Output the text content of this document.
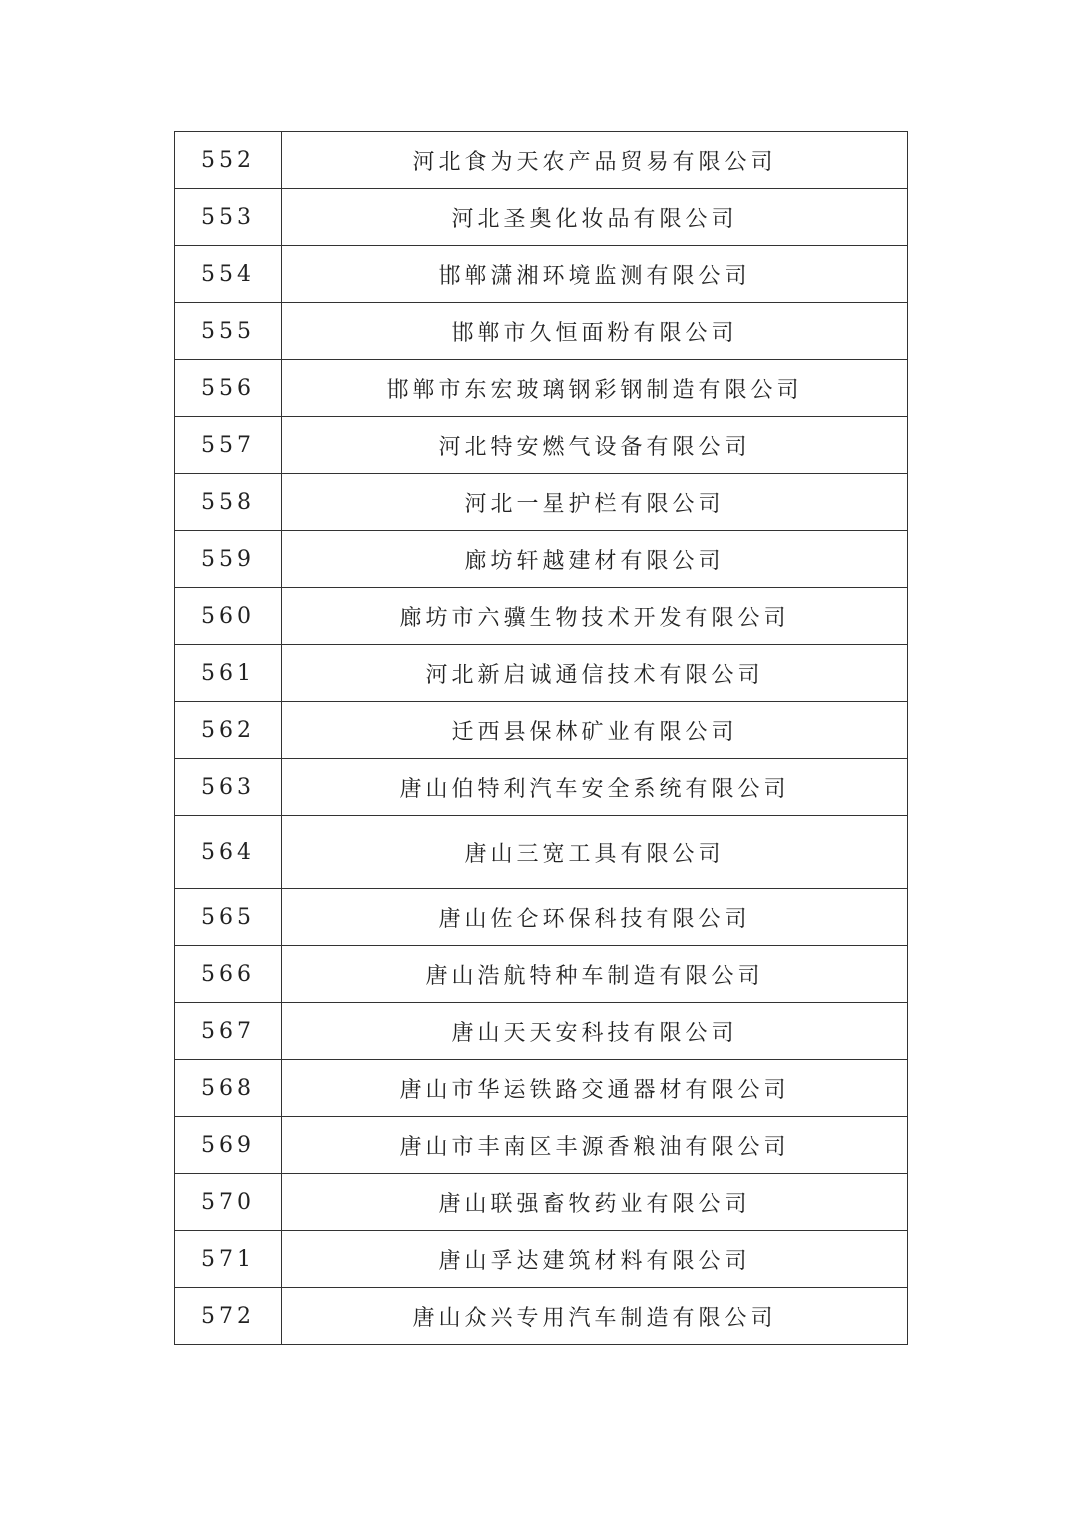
552	河北食为天农产品贸易有限公司
553	河北圣奥化妆品有限公司
554	邯郸潇湘环境监测有限公司
555	邯郸市久恒面粉有限公司
556	邯郸市东宏玻璃钢彩钢制造有限公司
557	河北特安燃气设备有限公司
558	河北一星护栏有限公司
559	廊坊轩越建材有限公司
560	廊坊市六骥生物技术开发有限公司
561	河北新启诚通信技术有限公司
562	迁西县保林矿业有限公司
563	唐山伯特利汽车安全系统有限公司
564	唐山三宽工具有限公司
565	唐山佐仑环保科技有限公司
566	唐山浩航特种车制造有限公司
567	唐山天天安科技有限公司
568	唐山市华运铁路交通器材有限公司
569	唐山市丰南区丰源香粮油有限公司
570	唐山联强畜牧药业有限公司
571	唐山孚达建筑材料有限公司
572	唐山众兴专用汽车制造有限公司
